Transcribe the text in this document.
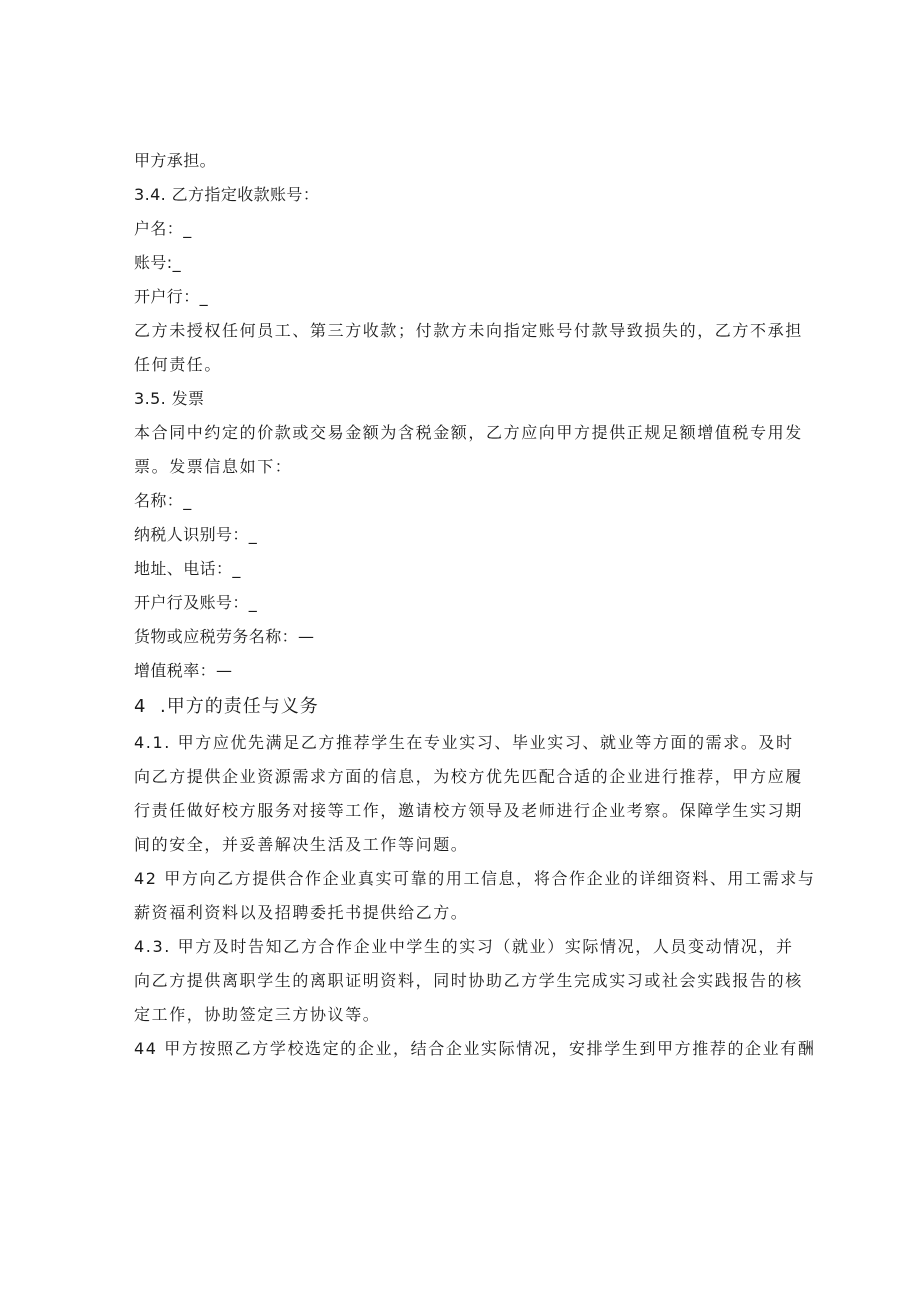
甲方承担。
3.4. 乙方指定收款账号：
户名：_
账号:_
开户行：_
乙方未授权任何员工、第三方收款；付款方未向指定账号付款导致损失的，乙方不承担
任何责任。
3.5. 发票
本合同中约定的价款或交易金额为含税金额，乙方应向甲方提供正规足额增值税专用发
票。发票信息如下：
名称：_
纳税人识别号：_
地址、电话：_
开户行及账号：_
货物或应税劳务名称：—
增值税率：—
4 .甲方的责任与义务
4.1. 甲方应优先满足乙方推荐学生在专业实习、毕业实习、就业等方面的需求。及时
向乙方提供企业资源需求方面的信息，为校方优先匹配合适的企业进行推荐，甲方应履
行责任做好校方服务对接等工作，邀请校方领导及老师进行企业考察。保障学生实习期
间的安全，并妥善解决生活及工作等问题。
42 甲方向乙方提供合作企业真实可靠的用工信息，将合作企业的详细资料、用工需求与
薪资福利资料以及招聘委托书提供给乙方。
4.3. 甲方及时告知乙方合作企业中学生的实习（就业）实际情况，人员变动情况，并
向乙方提供离职学生的离职证明资料，同时协助乙方学生完成实习或社会实践报告的核
定工作，协助签定三方协议等。
44 甲方按照乙方学校选定的企业，结合企业实际情况，安排学生到甲方推荐的企业有酬
